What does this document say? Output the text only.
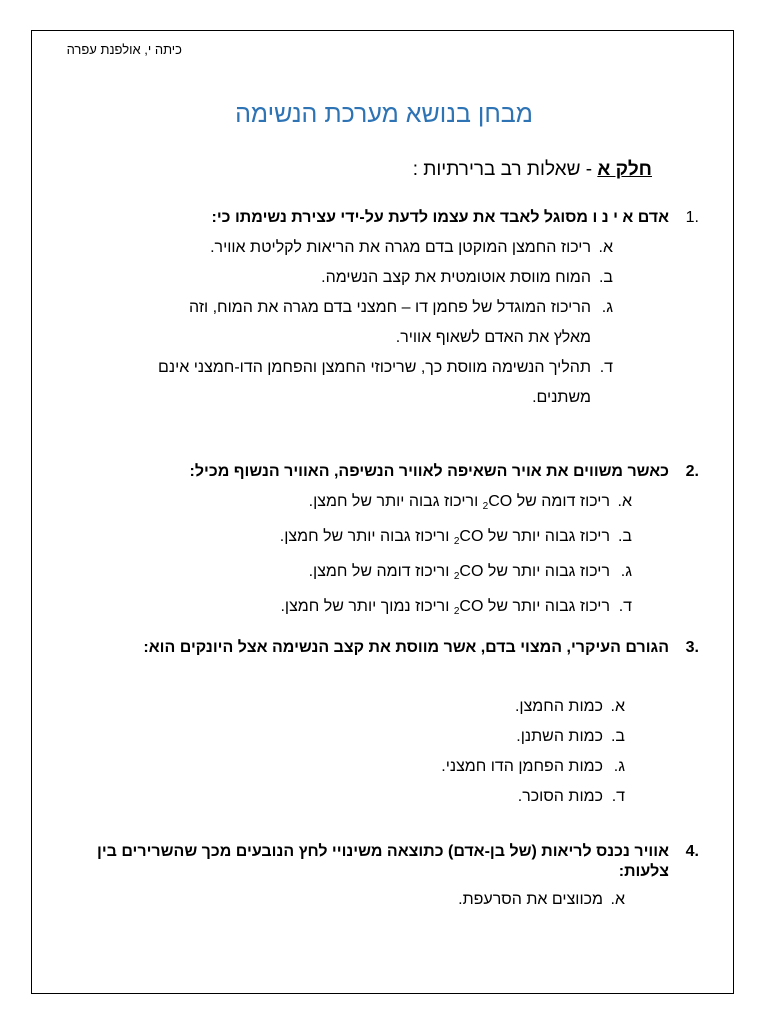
כיתה י, אולפנת עפרה
מבחן בנושא מערכת הנשימה
חלק א - שאלות רב ברירתיות :
1.
אדם א י נ ו מסוגל לאבד את עצמו לדעת על-ידי עצירת נשימתו כי:
א.
ריכוז החמצן המוקטן בדם מגרה את הריאות לקליטת אוויר.
ב.
המוח מווסת אוטומטית את קצב הנשימה.
ג.
הריכוז המוגדל של פחמן דו – חמצני בדם מגרה את המוח, וזה מאלץ את האדם לשאוף אוויר.
ד.
תהליך הנשימה מווסת כך, שריכוזי החמצן והפחמן הדו-חמצני אינם משתנים.
2.
כאשר משווים את אויר השאיפה לאוויר הנשיפה, האוויר הנשוף מכיל:
א.
ריכוז דומה של $_2$CO וריכוז גבוה יותר של חמצן.
ב.
ריכוז גבוה יותר של $_2$CO וריכוז גבוה יותר של חמצן.
ג.
ריכוז גבוה יותר של $_2$CO וריכוז דומה של חמצן.
ד.
ריכוז גבוה יותר של $_2$CO וריכוז נמוך יותר של חמצן.
3.
הגורם העיקרי, המצוי בדם, אשר מווסת את קצב הנשימה אצל היונקים הוא:
א.
כמות החמצן.
ב.
כמות השתנן.
ג.
כמות הפחמן הדו חמצני.
ד.
כמות הסוכר.
4.
אוויר נכנס לריאות (של בן-אדם) כתוצאה משינויי לחץ הנובעים מכך שהשרירים בין צלעות:
א.
מכווצים את הסרעפת.
